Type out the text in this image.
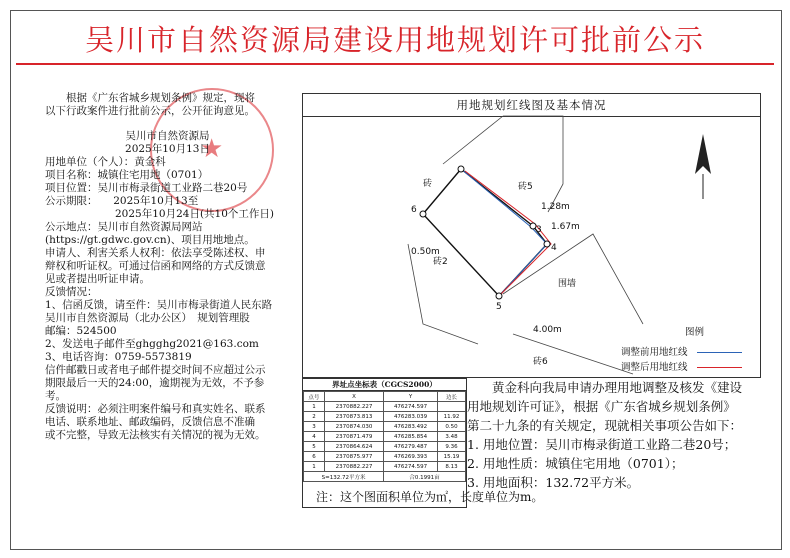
吴川市自然资源局建设用地规划许可批前公示
★

根据《广东省城乡规划条例》规定，现将

以下行政案件进行批前公示，公开征询意见。

吴川市自然资源局

2025年10月13日

用地单位（个人）：黄金科

项目名称：城镇住宅用地（0701）

项目位置：吴川市梅录街道工业路二巷20号

公示期限：　　2025年10月13至

2025年10月24日(共10个工作日)

公示地点：吴川市自然资源局网站

(https://gt.gdwc.gov.cn)、项目用地地点。

申请人、利害关系人权利：依法享受陈述权、申

辩权和听证权。可通过信函和网络的方式反馈意

见或者提出听证申请。

反馈情况：

1、信函反馈，请至件：吴川市梅录街道人民东路

吴川市自然资源局（北办公区）　规划管理股

邮编：524500

2、发送电子邮件至ghgghg2021@163.com

3、电话咨询：0759-5573819

信件邮戳日或者电子邮件提交时间不应超过公示

期限最后一天的24:00，逾期视为无效，不予参

考。

反馈说明：必须注明案件编号和真实姓名、联系

电话、联系地址、邮政编码，反馈信息不准确

或不完整，导致无法核实有关情况的视为无效。

用地规划红线图及基本情况
3
4
5
6
砖5
砖
砖2
砖6
围墙
1.28m
1.67m
0.50m
4.00m	图例
调整前用地红线
调整后用地红线
界址点坐标表（CGCS2000）
点号	X	Y	边长
1	2370882.227	476274.597	
2	2370873.813	476283.039	11.92
3	2370874.030	476283.492	0.50
4	2370871.479	476285.854	3.48
5	2370864.624	476279.487	9.36
6	2370875.977	476269.393	15.19
1	2370882.227	476274.597	8.13
S=132.72平方米		合0.1991亩	

黄金科向我局申请办理用地调整及核发《建设

用地规划许可证》，根据《广东省城乡规划条例》

第二十九条的有关规定，现就相关事项公告如下：

1. 用地位置：吴川市梅录街道工业路二巷20号；

2. 用地性质：城镇住宅用地（0701）；

3. 用地面积：132.72平方米。

注：这个图面积单位为㎡，长度单位为m。
